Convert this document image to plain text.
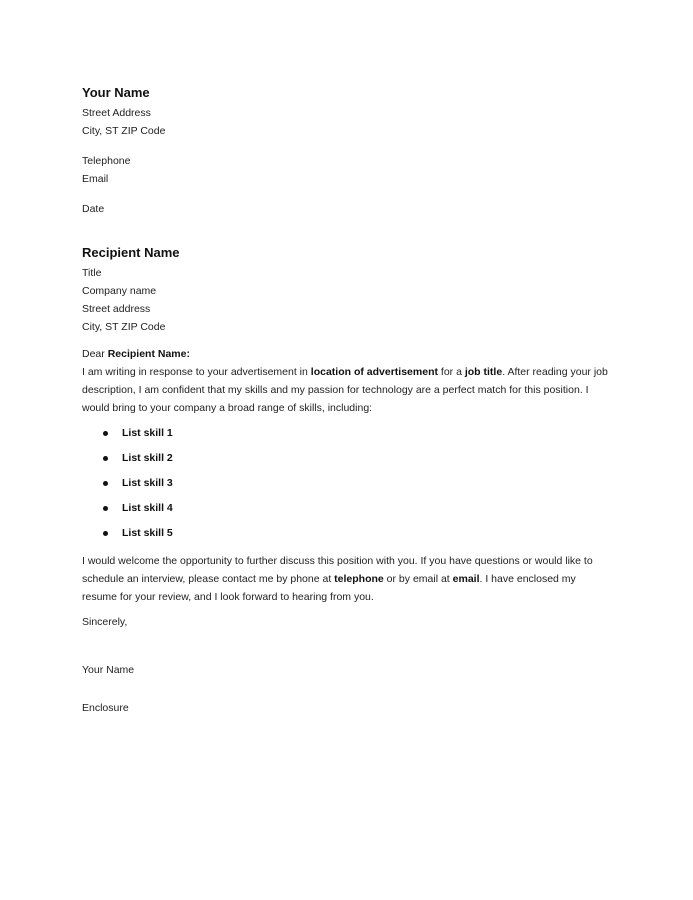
Your Name

Street Address

City, ST ZIP Code

Telephone

Email

Date

Recipient Name

Title

Company name

Street address

City, ST ZIP Code

Dear Recipient Name:

I am writing in response to your advertisement in location of advertisement for a job title. After reading your job description, I am confident that my skills and my passion for technology are a perfect match for this position. I would bring to your company a broad range of skills, including:

List skill 1
List skill 2
List skill 3
List skill 4
List skill 5

I would welcome the opportunity to further discuss this position with you. If you have questions or would like to schedule an interview, please contact me by phone at telephone or by email at email. I have enclosed my resume for your review, and I look forward to hearing from you.

Sincerely,

Your Name

Enclosure
